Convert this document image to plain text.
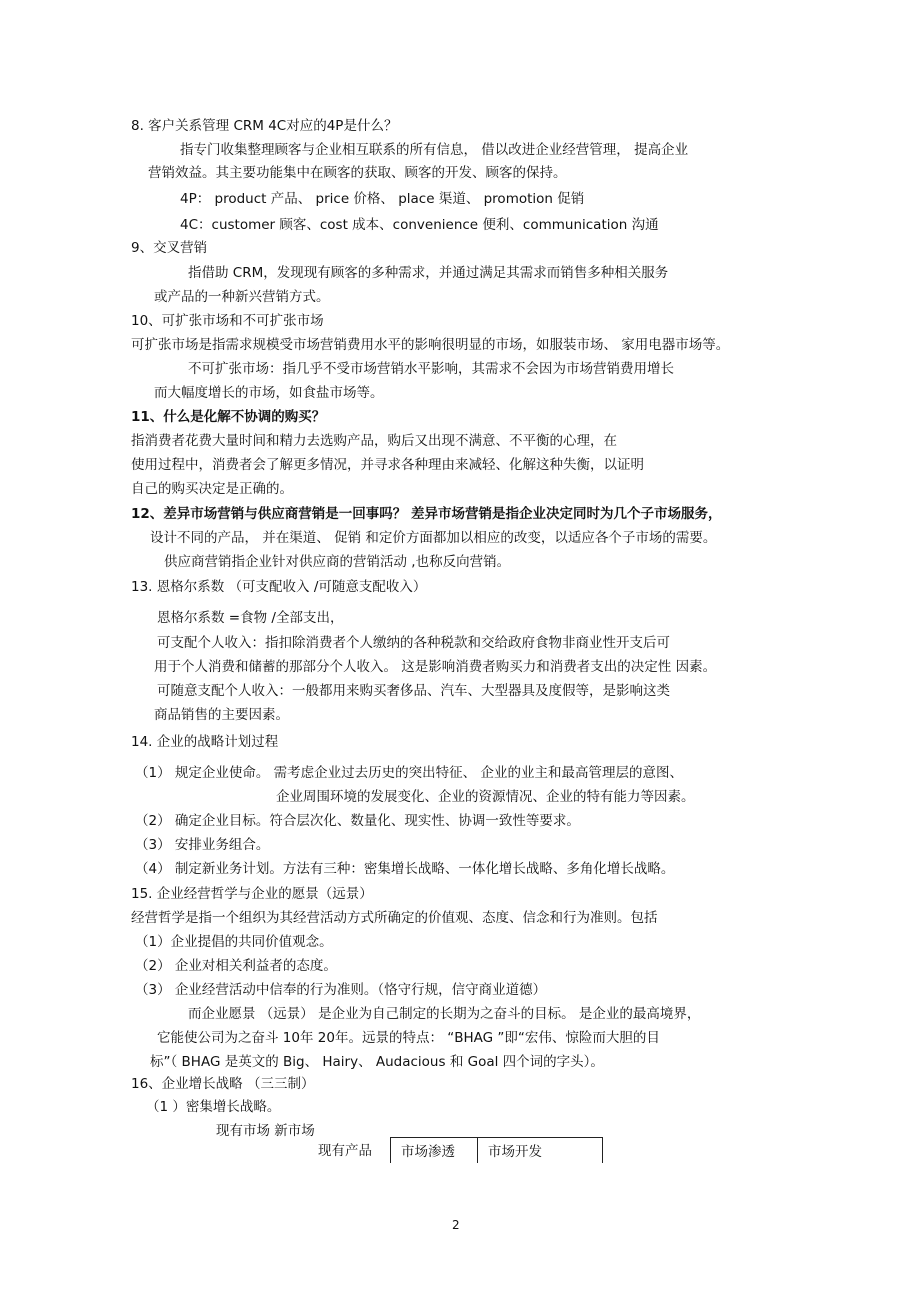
8. 客户关系管理 CRM 4C对应的4P是什么？
指专门收集整理顾客与企业相互联系的所有信息， 借以改进企业经营管理， 提高企业
营销效益。其主要功能集中在顾客的获取、顾客的开发、顾客的保持。
4P： product 产品、 price 价格、 place 渠道、 promotion 促销
4C：customer 顾客、cost 成本、convenience 便利、communication 沟通
9、交叉营销
指借助 CRM，发现现有顾客的多种需求，并通过满足其需求而销售多种相关服务
或产品的一种新兴营销方式。
10、可扩张市场和不可扩张市场
可扩张市场是指需求规模受市场营销费用水平的影响很明显的市场，如服装市场、 家用电器市场等。
不可扩张市场：指几乎不受市场营销水平影响，其需求不会因为市场营销费用增长
而大幅度增长的市场，如食盐市场等。
11、什么是化解不协调的购买？
指消费者花费大量时间和精力去选购产品，购后又出现不满意、不平衡的心理，在
使用过程中，消费者会了解更多情况，并寻求各种理由来减轻、化解这种失衡，以证明
自己的购买决定是正确的。
12、差异市场营销与供应商营销是一回事吗？ 差异市场营销是指企业决定同时为几个子市场服务，
设计不同的产品， 并在渠道、 促销 和定价方面都加以相应的改变，以适应各个子市场的需要。
供应商营销指企业针对供应商的营销活动 ,也称反向营销。
13. 恩格尔系数 （可支配收入 /可随意支配收入）
恩格尔系数 =食物 /全部支出，
可支配个人收入：指扣除消费者个人缴纳的各种税款和交给政府食物非商业性开支后可
用于个人消费和储蓄的那部分个人收入。 这是影响消费者购买力和消费者支出的决定性 因素。
可随意支配个人收入：一般都用来购买奢侈品、汽车、大型器具及度假等，是影响这类
商品销售的主要因素。
14. 企业的战略计划过程
（1） 规定企业使命。 需考虑企业过去历史的突出特征、 企业的业主和最高管理层的意图、
企业周围环境的发展变化、企业的资源情况、企业的特有能力等因素。
（2） 确定企业目标。符合层次化、数量化、现实性、协调一致性等要求。
（3） 安排业务组合。
（4） 制定新业务计划。方法有三种：密集增长战略、一体化增长战略、多角化增长战略。
15. 企业经营哲学与企业的愿景（远景）
经营哲学是指一个组织为其经营活动方式所确定的价值观、态度、信念和行为准则。包括
（1）企业提倡的共同价值观念。
（2） 企业对相关利益者的态度。
（3） 企业经营活动中信奉的行为准则。（恪守行规，信守商业道德）
而企业愿景 （远景） 是企业为自己制定的长期为之奋斗的目标。 是企业的最高境界，
它能使公司为之奋斗 10年 20年。远景的特点： “BHAG ”即“宏伟、惊险而大胆的目
标”（ BHAG 是英文的 Big、 Hairy、 Audacious 和 Goal 四个词的字头）。
16、企业增长战略 （三三制）
（1 ）密集增长战略。
现有市场 新市场
现有产品	市场渗透	市场开发
2
